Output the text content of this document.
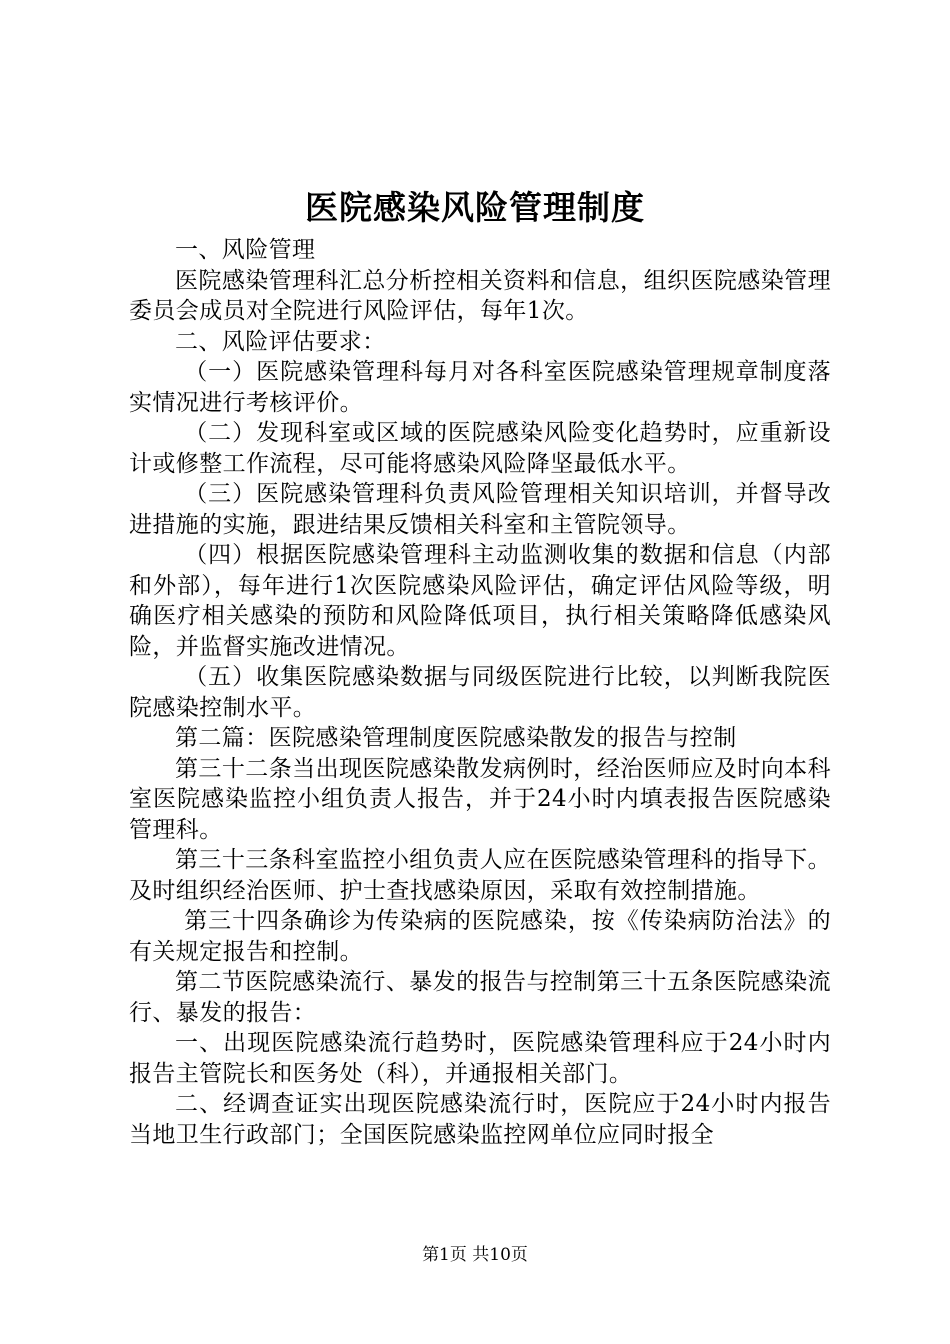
医院感染风险管理制度

一、风险管理

医院感染管理科汇总分析控相关资料和信息，组织医院感染管理委员会成员对全院进行风险评估，每年1次。

二、风险评估要求：

（一）医院感染管理科每月对各科室医院感染管理规章制度落实情况进行考核评价。

（二）发现科室或区域的医院感染风险变化趋势时，应重新设计或修整工作流程，尽可能将感染风险降坚最低水平。

（三）医院感染管理科负责风险管理相关知识培训，并督导改进措施的实施，跟进结果反馈相关科室和主管院领导。

（四）根据医院感染管理科主动监测收集的数据和信息（内部和外部），每年进行1次医院感染风险评估，确定评估风险等级，明确医疗相关感染的预防和风险降低项目，执行相关策略降低感染风险，并监督实施改进情况。

（五）收集医院感染数据与同级医院进行比较，以判断我院医院感染控制水平。

第二篇：医院感染管理制度医院感染散发的报告与控制

第三十二条当出现医院感染散发病例时，经治医师应及时向本科室医院感染监控小组负责人报告，并于24小时内填表报告医院感染管理科。

第三十三条科室监控小组负责人应在医院感染管理科的指导下。及时组织经治医师、护士查找感染原因，采取有效控制措施。

第三十四条确诊为传染病的医院感染，按《传染病防治法》的有关规定报告和控制。

第二节医院感染流行、暴发的报告与控制第三十五条医院感染流行、暴发的报告：

一、出现医院感染流行趋势时，医院感染管理科应于24小时内报告主管院长和医务处（科），并通报相关部门。

二、经调查证实出现医院感染流行时，医院应于24小时内报告当地卫生行政部门；全国医院感染监控网单位应同时报全

第1页 共10页
